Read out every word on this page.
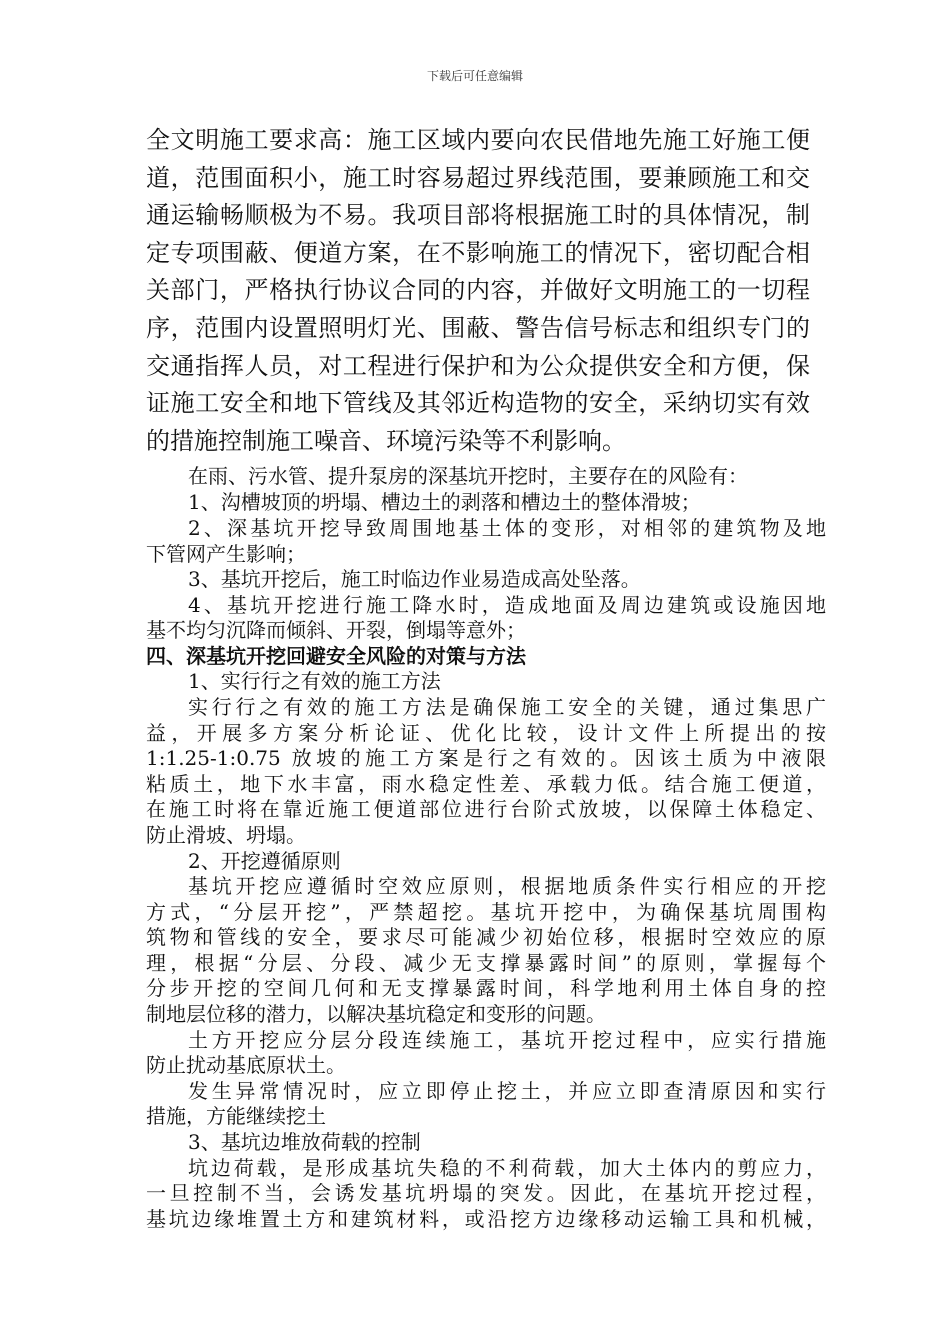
下载后可任意编辑
全文明施工要求高：施工区域内要向农民借地先施工好施工便
道，范围面积小，施工时容易超过界线范围，要兼顾施工和交
通运输畅顺极为不易。我项目部将根据施工时的具体情况，制
定专项围蔽、便道方案，在不影响施工的情况下，密切配合相
关部门，严格执行协议合同的内容，并做好文明施工的一切程
序，范围内设置照明灯光、围蔽、警告信号标志和组织专门的
交通指挥人员，对工程进行保护和为公众提供安全和方便，保
证施工安全和地下管线及其邻近构造物的安全，采纳切实有效
的措施控制施工噪音、环境污染等不利影响。
在雨、污水管、提升泵房的深基坑开挖时，主要存在的风险有：
1、沟槽坡顶的坍塌、槽边土的剥落和槽边土的整体滑坡；
2、深基坑开挖导致周围地基土体的变形，对相邻的建筑物及地
下管网产生影响；
3、基坑开挖后，施工时临边作业易造成高处坠落。
4、基坑开挖进行施工降水时，造成地面及周边建筑或设施因地
基不均匀沉降而倾斜、开裂，倒塌等意外；
四、深基坑开挖回避安全风险的对策与方法
1、实行行之有效的施工方法
实行行之有效的施工方法是确保施工安全的关键，通过集思广
益，开展多方案分析论证、优化比较，设计文件上所提出的按
1:1.25-1:0.75 放坡的施工方案是行之有效的。因该土质为中液限
粘质土，地下水丰富，雨水稳定性差、承载力低。结合施工便道，
在施工时将在靠近施工便道部位进行台阶式放坡，以保障土体稳定、
防止滑坡、坍塌。
2、开挖遵循原则
基坑开挖应遵循时空效应原则，根据地质条件实行相应的开挖
方式，“分层开挖”，严禁超挖。基坑开挖中，为确保基坑周围构
筑物和管线的安全，要求尽可能减少初始位移，根据时空效应的原
理，根据“分层、分段、减少无支撑暴露时间”的原则，掌握每个
分步开挖的空间几何和无支撑暴露时间，科学地利用土体自身的控
制地层位移的潜力，以解决基坑稳定和变形的问题。
土方开挖应分层分段连续施工，基坑开挖过程中，应实行措施
防止扰动基底原状土。
发生异常情况时，应立即停止挖土，并应立即查清原因和实行
措施，方能继续挖土
3、基坑边堆放荷载的控制
坑边荷载，是形成基坑失稳的不利荷载，加大土体内的剪应力，
一旦控制不当，会诱发基坑坍塌的突发。因此，在基坑开挖过程，
基坑边缘堆置土方和建筑材料，或沿挖方边缘移动运输工具和机械，
